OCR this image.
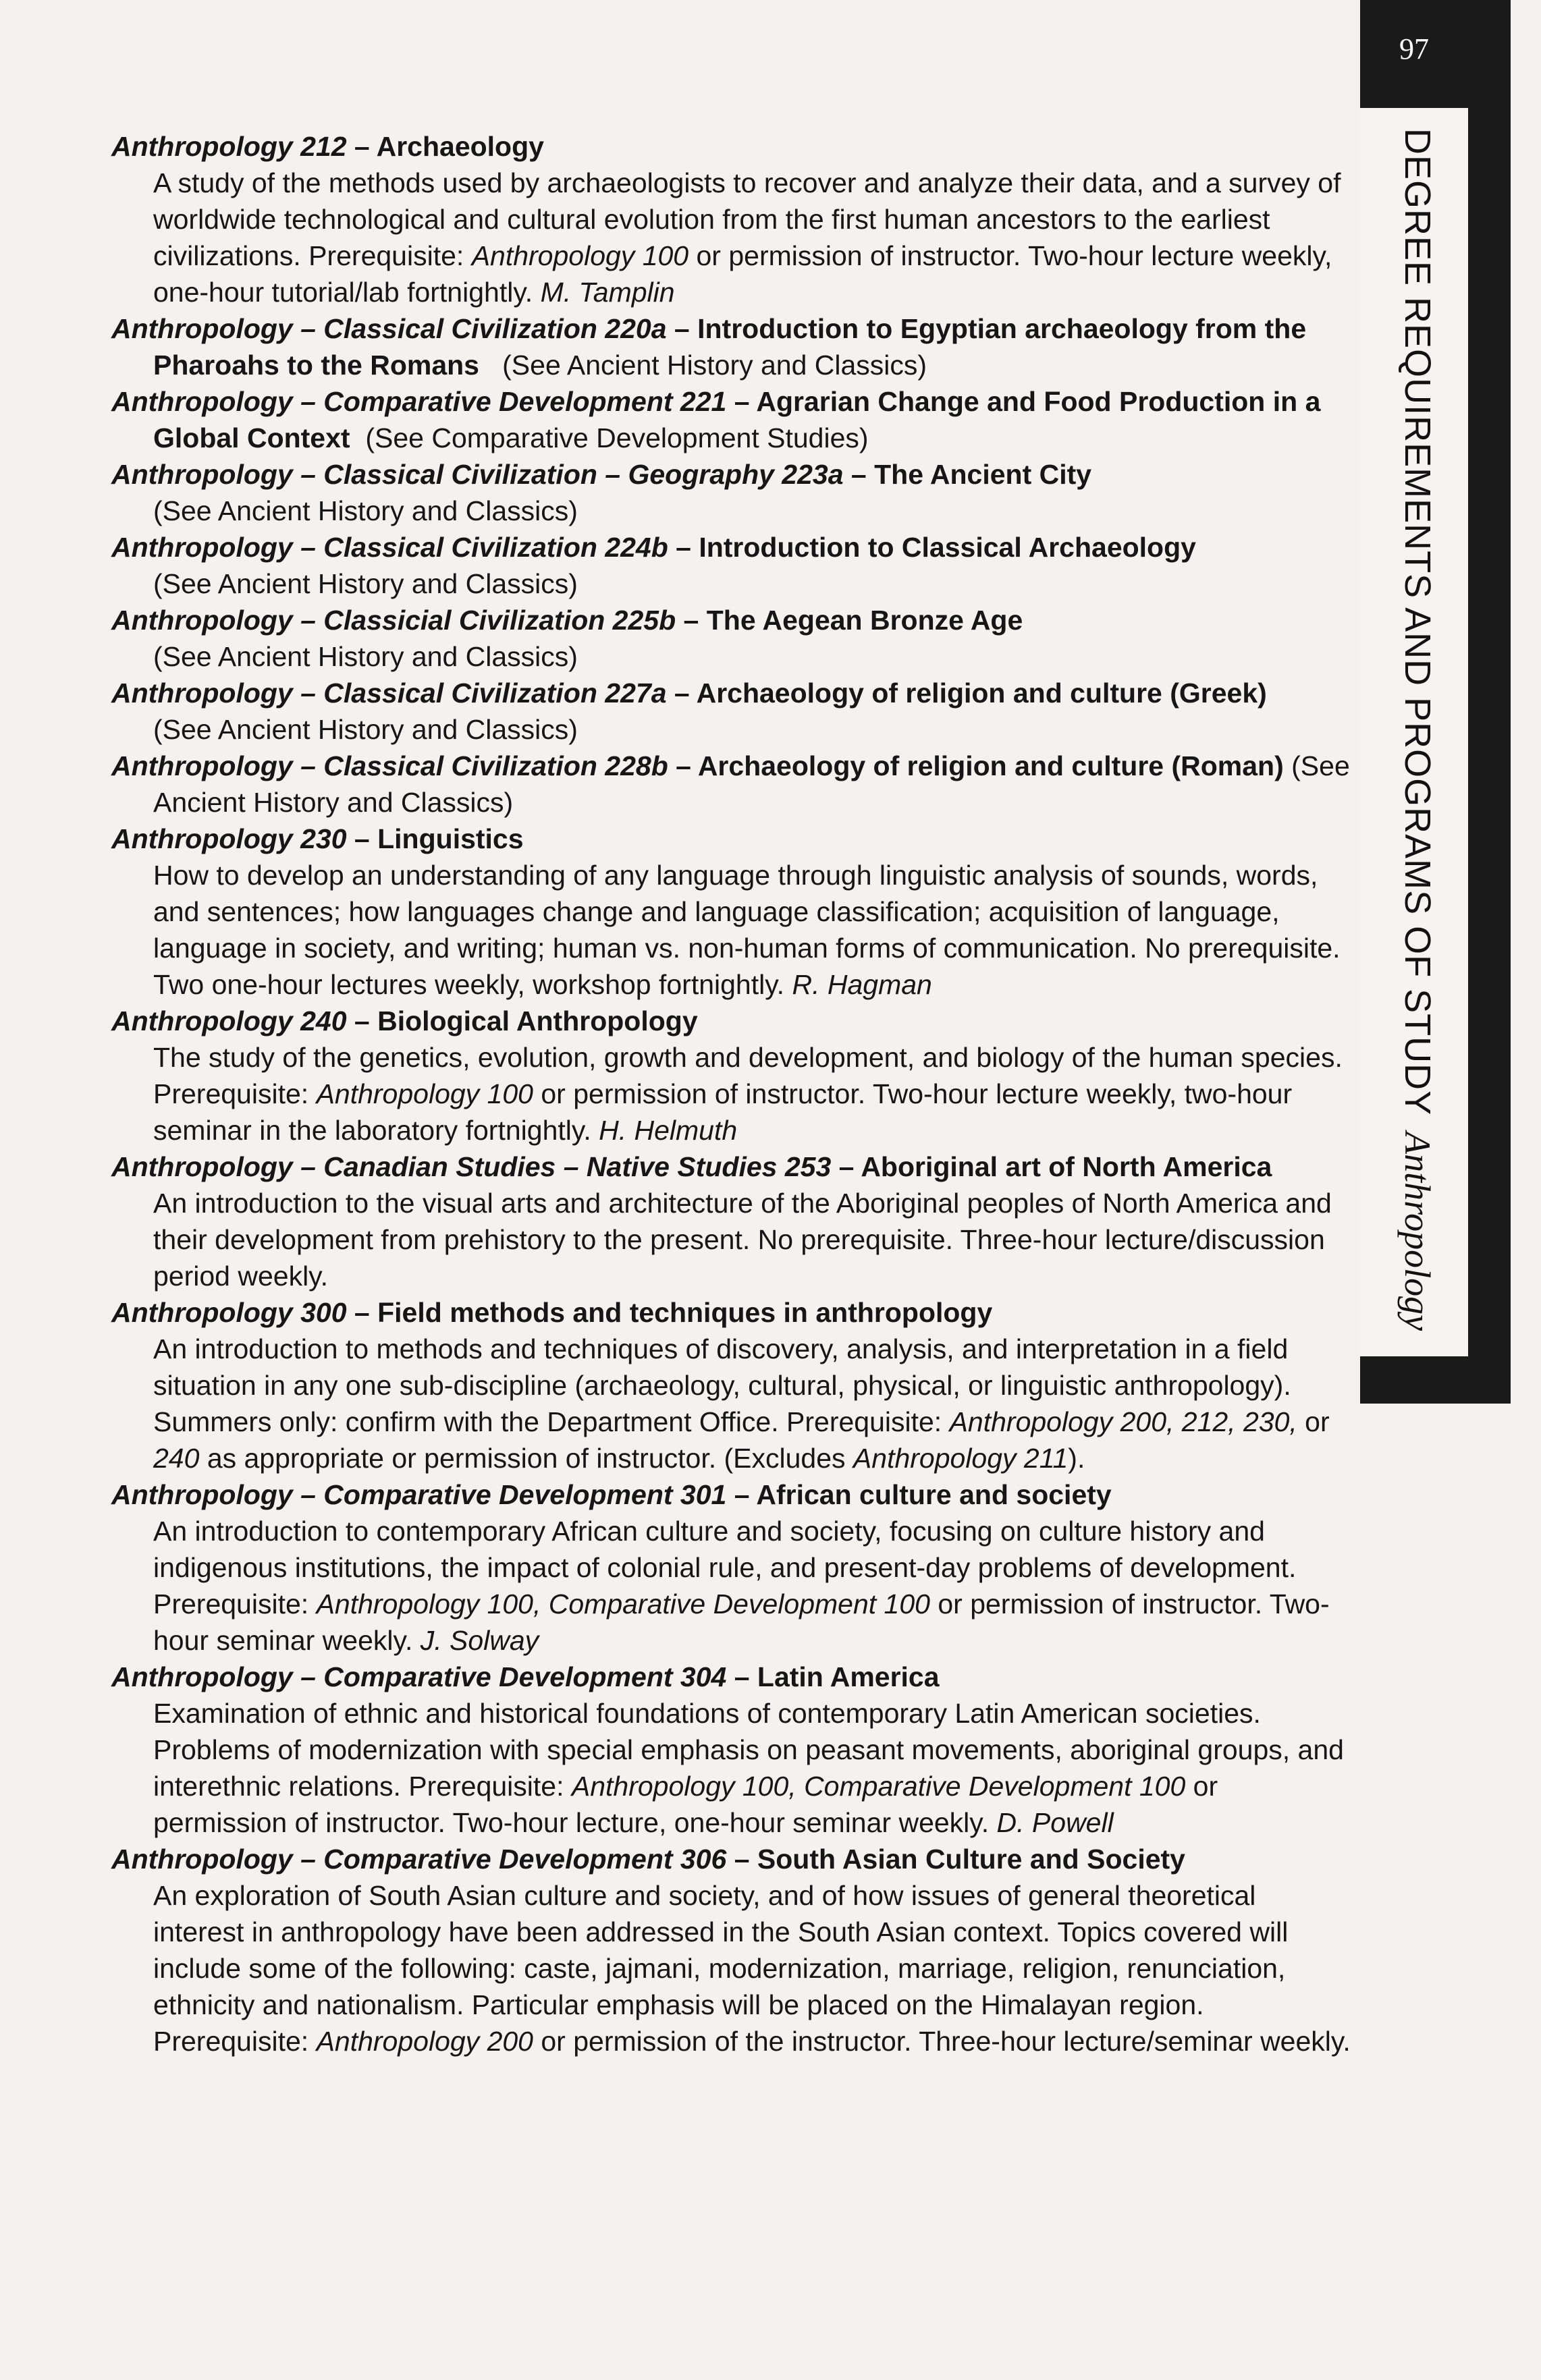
97
DEGREE REQUIREMENTS AND PROGRAMS OF STUDYAnthropology
Anthropology 212 – Archaeology
A study of the methods used by archaeologists to recover and analyze their data, and a survey of worldwide technological and cultural evolution from the first human ancestors to the earliest civilizations. Prerequisite: Anthropology 100 or permission of instructor. Two-hour lecture weekly, one-hour tutorial/lab fortnightly. M. Tamplin
Anthropology – Classical Civilization 220a – Introduction to Egyptian archaeology from the Pharoahs to the Romans   (See Ancient History and Classics)
Anthropology – Comparative Development 221 – Agrarian Change and Food Production in a Global Context  (See Comparative Development Studies)
Anthropology – Classical Civilization – Geography 223a – The Ancient City
(See Ancient History and Classics)
Anthropology – Classical Civilization 224b – Introduction to Classical Archaeology
(See Ancient History and Classics)
Anthropology – Classicial Civilization 225b – The Aegean Bronze Age
(See Ancient History and Classics)
Anthropology – Classical Civilization 227a – Archaeology of religion and culture (Greek)
(See Ancient History and Classics)
Anthropology – Classical Civilization 228b – Archaeology of religion and culture (Roman) (See Ancient History and Classics)
Anthropology 230 – Linguistics
How to develop an understanding of any language through linguistic analysis of sounds, words, and sentences; how languages change and language classification; acquisition of language, language in society, and writing; human vs. non-human forms of communication. No prerequisite. Two one-hour lectures weekly, workshop fortnightly. R. Hagman
Anthropology 240 – Biological Anthropology
The study of the genetics, evolution, growth and development, and biology of the human species. Prerequisite: Anthropology 100 or permission of instructor. Two-hour lecture weekly, two-hour seminar in the laboratory fortnightly. H. Helmuth
Anthropology – Canadian Studies – Native Studies 253 – Aboriginal art of North America
An introduction to the visual arts and architecture of the Aboriginal peoples of North America and their development from prehistory to the present. No prerequisite. Three-hour lecture/discussion period weekly.
Anthropology 300 – Field methods and techniques in anthropology
An introduction to methods and techniques of discovery, analysis, and interpretation in a field situation in any one sub-discipline (archaeology, cultural, physical, or linguistic anthropology). Summers only: confirm with the Department Office. Prerequisite: Anthropology 200, 212, 230, or 240 as appropriate or permission of instructor. (Excludes Anthropology 211).
Anthropology – Comparative Development 301 – African culture and society
An introduction to contemporary African culture and society, focusing on culture history and indigenous institutions, the impact of colonial rule, and present-day problems of development. Prerequisite: Anthropology 100, Comparative Development 100 or permission of instructor. Two-hour seminar weekly. J. Solway
Anthropology – Comparative Development 304 – Latin America
Examination of ethnic and historical foundations of contemporary Latin American societies. Problems of modernization with special emphasis on peasant movements, aboriginal groups, and interethnic relations. Prerequisite: Anthropology 100, Comparative Development 100 or permission of instructor. Two-hour lecture, one-hour seminar weekly. D. Powell
Anthropology – Comparative Development 306 – South Asian Culture and Society
An exploration of South Asian culture and society, and of how issues of general theoretical interest in anthropology have been addressed in the South Asian context. Topics covered will include some of the following: caste, jajmani, modernization, marriage, religion, renunciation, ethnicity and nationalism. Particular emphasis will be placed on the Himalayan region. Prerequisite: Anthropology 200 or permission of the instructor. Three-hour lecture/seminar weekly.
